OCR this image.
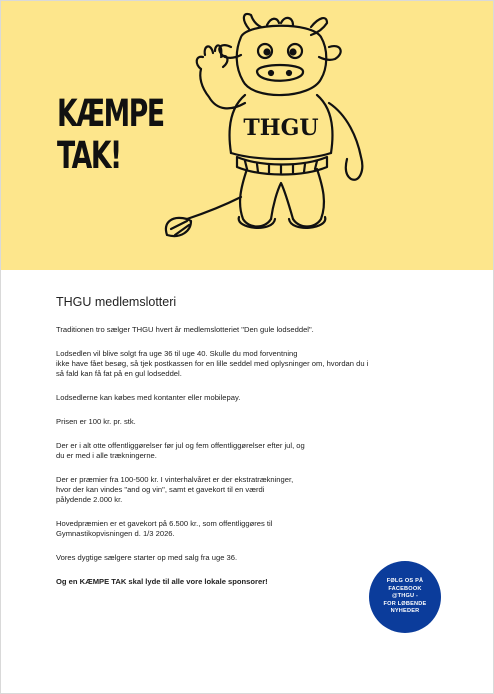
KÆMPE
TAK!
THGU
THGU medlemslotteri
Traditionen tro sælger THGU hvert år medlemslotteriet "Den gule lodseddel".
Lodsedlen vil blive solgt fra uge 36 til uge 40. Skulle du mod forventning
ikke have fået besøg, så tjek postkassen for en lille seddel med oplysninger om, hvordan du i
så fald kan få fat på en gul lodseddel.
Lodsedlerne kan købes med kontanter eller mobilepay.
Prisen er 100 kr. pr. stk.
Der er i alt otte offentliggørelser før jul og fem offentliggørelser efter jul, og
du er med i alle trækningerne.
Der er præmier fra 100-500 kr. I vinterhalvåret er der ekstratrækninger,
hvor der kan vindes "and og vin", samt et gavekort til en værdi
pålydende 2.000 kr.
Hovedpræmien er et gavekort på 6.500 kr., som offentliggøres til
Gymnastikopvisningen d. 1/3 2026.
Vores dygtige sælgere starter op med salg fra uge 36.
Og en KÆMPE TAK skal lyde til alle vore lokale sponsorer!	FØLG OS PÅ
FACEBOOK
@THGU -
FOR LØBENDE
NYHEDER
